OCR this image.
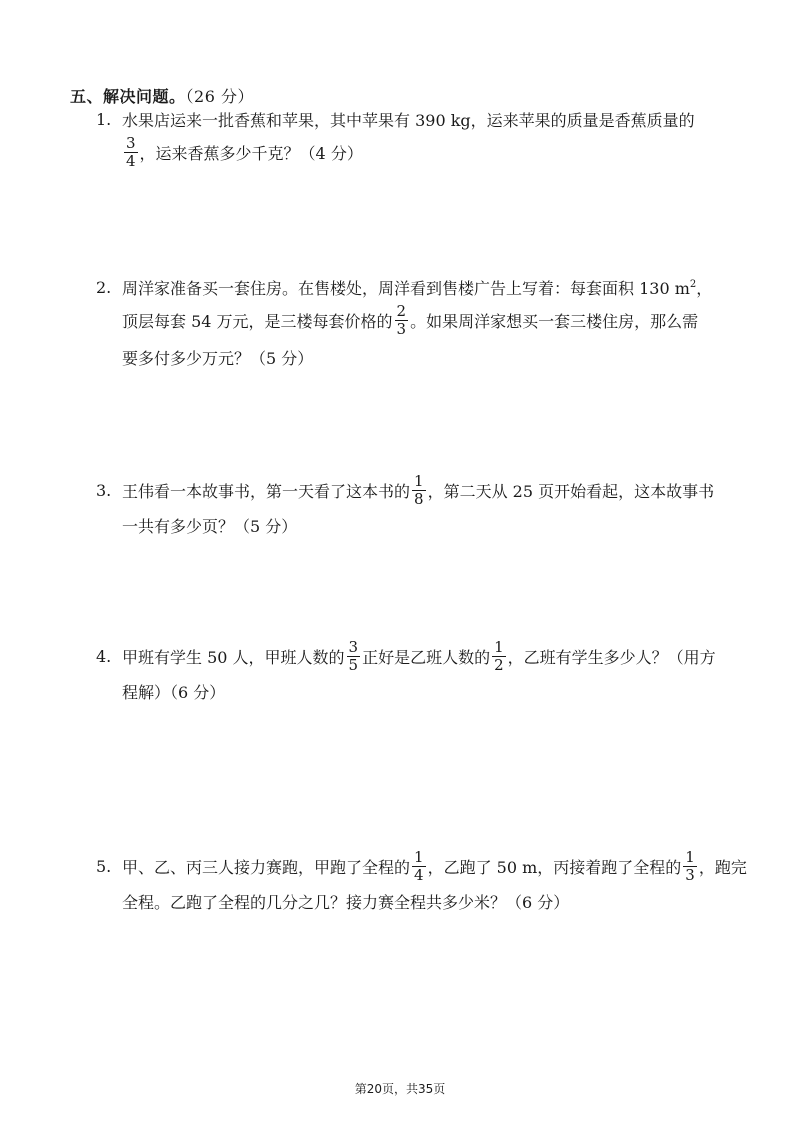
五、解决问题。（26 分）
1. 水果店运来一批香蕉和苹果，其中苹果有 390 kg，运来苹果的质量是香蕉质量的
$\frac{3}{4}$ ，运来香蕉多少千克？（4 分）
2. 周洋家准备买一套住房。在售楼处，周洋看到售楼广告上写着：每套面积 130 $m^2$ ，
顶层每套 54 万元，是三楼每套价格的 $\frac{2}{3}$ 。如果周洋家想买一套三楼住房，那么需
要多付多少万元？（5 分）
3. 王伟看一本故事书，第一天看了这本书的 $\frac{1}{8}$ ，第二天从 25 页开始看起，这本故事书
一共有多少页？（5 分）
4. 甲班有学生 50 人，甲班人数的 $\frac{3}{5}$ 正好是乙班人数的 $\frac{1}{2}$ ，乙班有学生多少人？（用方
程解）（6 分）
5. 甲、乙、丙三人接力赛跑，甲跑了全程的 $\frac{1}{4}$ ，乙跑了 50 m，丙接着跑了全程的 $\frac{1}{3}$ ，跑完
全程。乙跑了全程的几分之几？接力赛全程共多少米？（6 分）
第20页，共35页
